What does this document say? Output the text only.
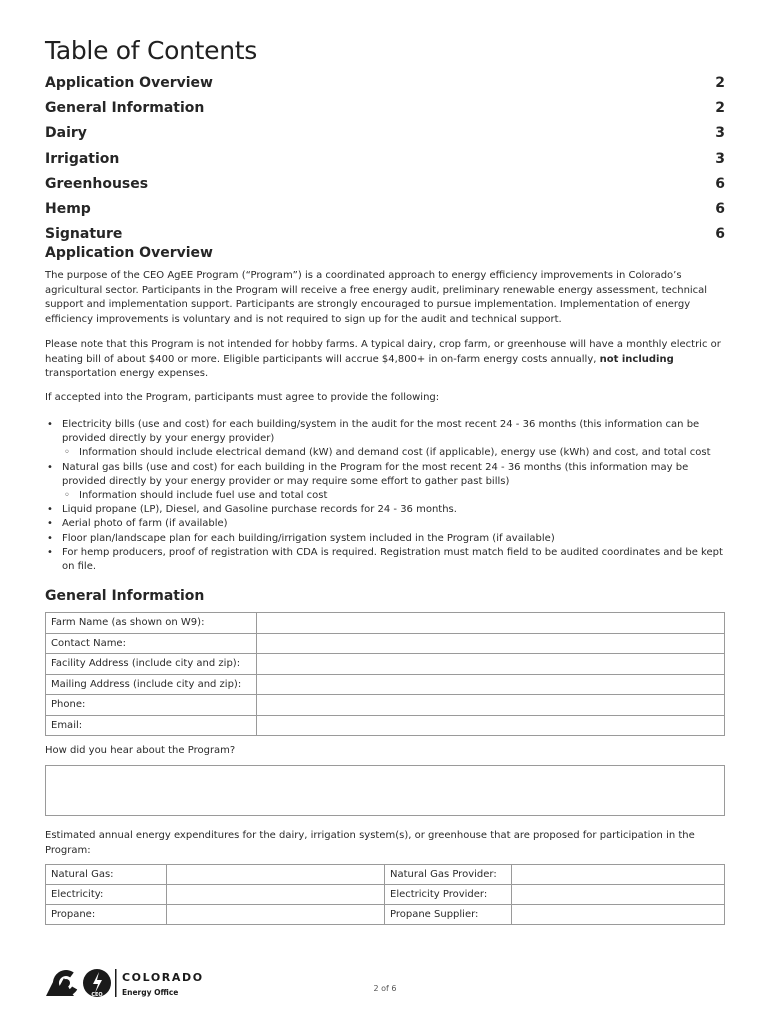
Table of Contents
Application Overview	2
General Information	2
Dairy	3
Irrigation	3
Greenhouses	6
Hemp	6
Signature	6
Application Overview

The purpose of the CEO AgEE Program (“Program”) is a coordinated approach to energy efficiency improvements in Colorado’s agricultural sector. Participants in the Program will receive a free energy audit, preliminary renewable energy assessment, technical support and implementation support. Participants are strongly encouraged to pursue implementation. Implementation of energy efficiency improvements is voluntary and is not required to sign up for the audit and technical support.

Please note that this Program is not intended for hobby farms. A typical dairy, crop farm, or greenhouse will have a monthly electric or heating bill of about $400 or more. Eligible participants will accrue $4,800+ in on-farm energy costs annually, not including transportation energy expenses.

If accepted into the Program, participants must agree to provide the following:

• Electricity bills (use and cost) for each building/system in the audit for the most recent 24 - 36 months (this information can be provided directly by your energy provider)
◦ Information should include electrical demand (kW) and demand cost (if applicable), energy use (kWh) and cost, and total cost
• Natural gas bills (use and cost) for each building in the Program for the most recent 24 - 36 months (this information may be provided directly by your energy provider or may require some effort to gather past bills)
◦ Information should include fuel use and total cost
• Liquid propane (LP), Diesel, and Gasoline purchase records for 24 - 36 months.
• Aerial photo of farm (if available)
• Floor plan/landscape plan for each building/irrigation system included in the Program (if available)
• For hemp producers, proof of registration with CDA is required. Registration must match field to be audited coordinates and be kept on file.
General Information
Farm Name (as shown on W9):	
Contact Name:	
Facility Address (include city and zip):	
Mailing Address (include city and zip):	
Phone:	
Email:	

How did you hear about the Program?

Estimated annual energy expenditures for the dairy, irrigation system(s), or greenhouse that are proposed for participation in the Program:

Natural Gas:		Natural Gas Provider:	
Electricity:		Electricity Provider:	
Propane:		Propane Supplier:	
CEO
COLORADO
Energy Office	2 of 6
